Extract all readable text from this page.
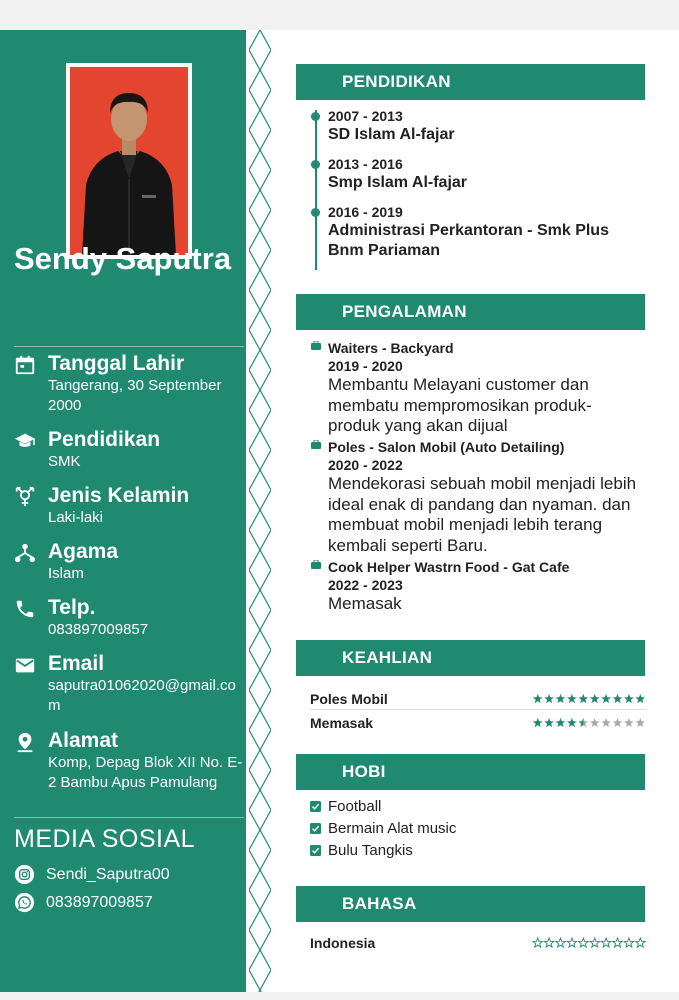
Sendy Saputra
Tanggal Lahir
Tangerang, 30 September 2000
Pendidikan
SMK
Jenis Kelamin
Laki-laki
Agama
Islam
Telp.
083897009857
Email
saputra01062020@gmail.com
Alamat
Komp, Depag Blok XII No. E-2 Bambu Apus Pamulang
MEDIA SOSIAL
Sendi_Saputra00
083897009857
PENDIDIKAN
2007 - 2013
SD Islam Al-fajar
2013 - 2016
Smp Islam Al-fajar
2016 - 2019
Administrasi Perkantoran - Smk Plus Bnm Pariaman
PENGALAMAN
Waiters - Backyard
2019 - 2020
Membantu Melayani customer dan membatu mempromosikan produk-produk yang akan dijual
Poles - Salon Mobil (Auto Detailing)
2020 - 2022
Mendekorasi sebuah mobil menjadi lebih ideal enak di pandang dan nyaman. dan membuat mobil menjadi lebih terang kembali seperti Baru.
Cook Helper Wastrn Food - Gat Cafe
2022 - 2023
Memasak
KEAHLIAN
Poles Mobil
Memasak
HOBI
Football
Bermain Alat music
Bulu Tangkis
BAHASA
Indonesia
